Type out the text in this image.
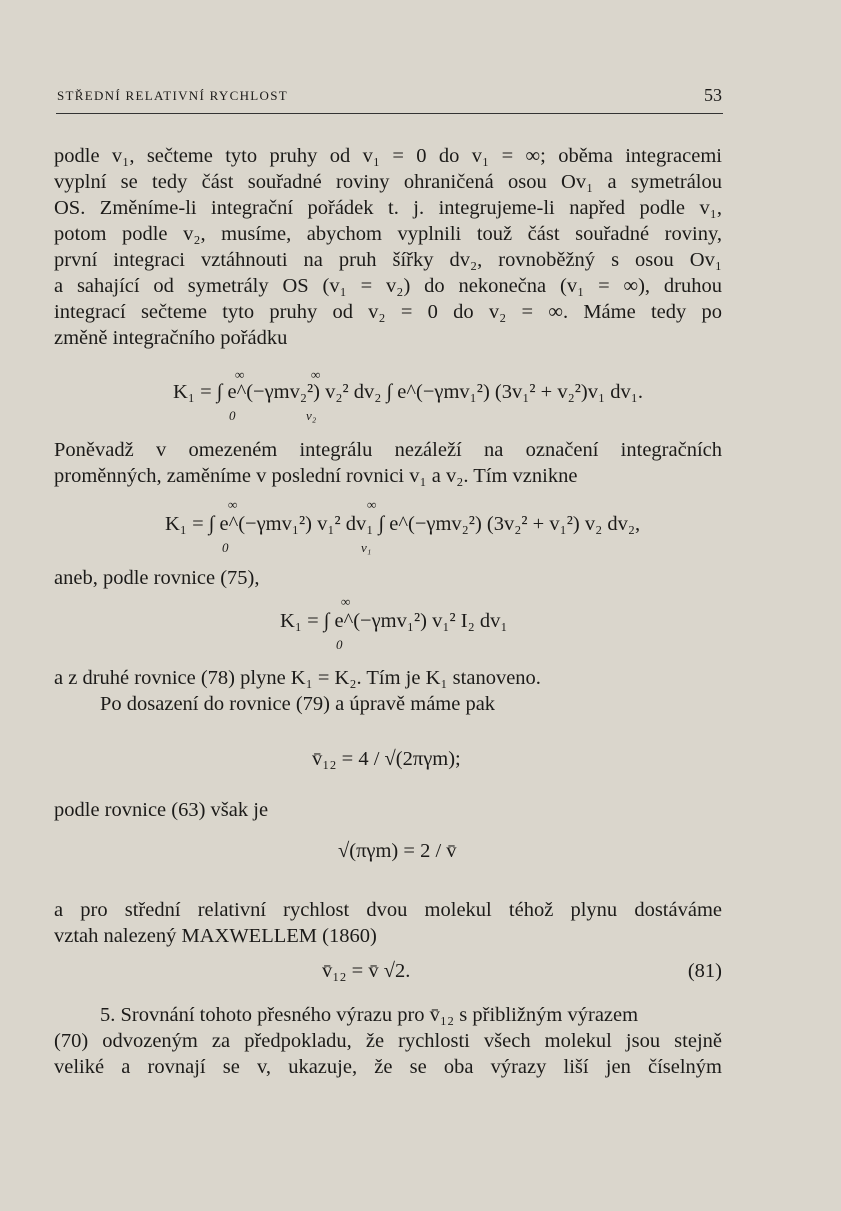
STŘEDNÍ RELATIVNÍ RYCHLOST	53
podle v₁, sečteme tyto pruhy od v₁ = 0 do v₁ = ∞; oběma integracemi
vyplní se tedy část souřadné roviny ohraničená osou Ov₁ a symetrálou
OS. Změníme-li integrační pořádek t. j. integrujeme-li napřed podle v₁,
potom podle v₂, musíme, abychom vyplnili touž část souřadné roviny,
první integraci vztáhnouti na pruh šířky dv₂, rovnoběžný s osou Ov₁
a sahající od symetrály OS (v₁ = v₂) do nekonečna (v₁ = ∞), druhou
integrací sečteme tyto pruhy od v₂ = 0 do v₂ = ∞. Máme tedy po
změně integračního pořádku
∞	∞
K₁ = ∫ e^(−γmv₂²) v₂² dv₂ ∫ e^(−γmv₁²) (3v₁² + v₂²)v₁ dv₁.
0	v₂
Poněvadž v omezeném integrálu nezáleží na označení integračních
proměnných, zaměníme v poslední rovnici v₁ a v₂. Tím vznikne
∞	∞
K₁ = ∫ e^(−γmv₁²) v₁² dv₁ ∫ e^(−γmv₂²) (3v₂² + v₁²) v₂ dv₂,
0	v₁
aneb, podle rovnice (75),
∞
K₁ = ∫ e^(−γmv₁²) v₁² I₂ dv₁
0
a z druhé rovnice (78) plyne K₁ = K₂. Tím je K₁ stanoveno.
Po dosazení do rovnice (79) a úpravě máme pak
v̄₁₂ = 4 / √(2πγm);
podle rovnice (63) však je
√(πγm) = 2 / v̄
a pro střední relativní rychlost dvou molekul téhož plynu dostáváme
vztah nalezený MAXWELLEM (1860)
v̄₁₂ = v̄ √2.	(81)
5. Srovnání tohoto přesného výrazu pro v̄₁₂ s přibližným výrazem
(70) odvozeným za předpokladu, že rychlosti všech molekul jsou stejně
veliké a rovnají se v, ukazuje, že se oba výrazy liší jen číselným
